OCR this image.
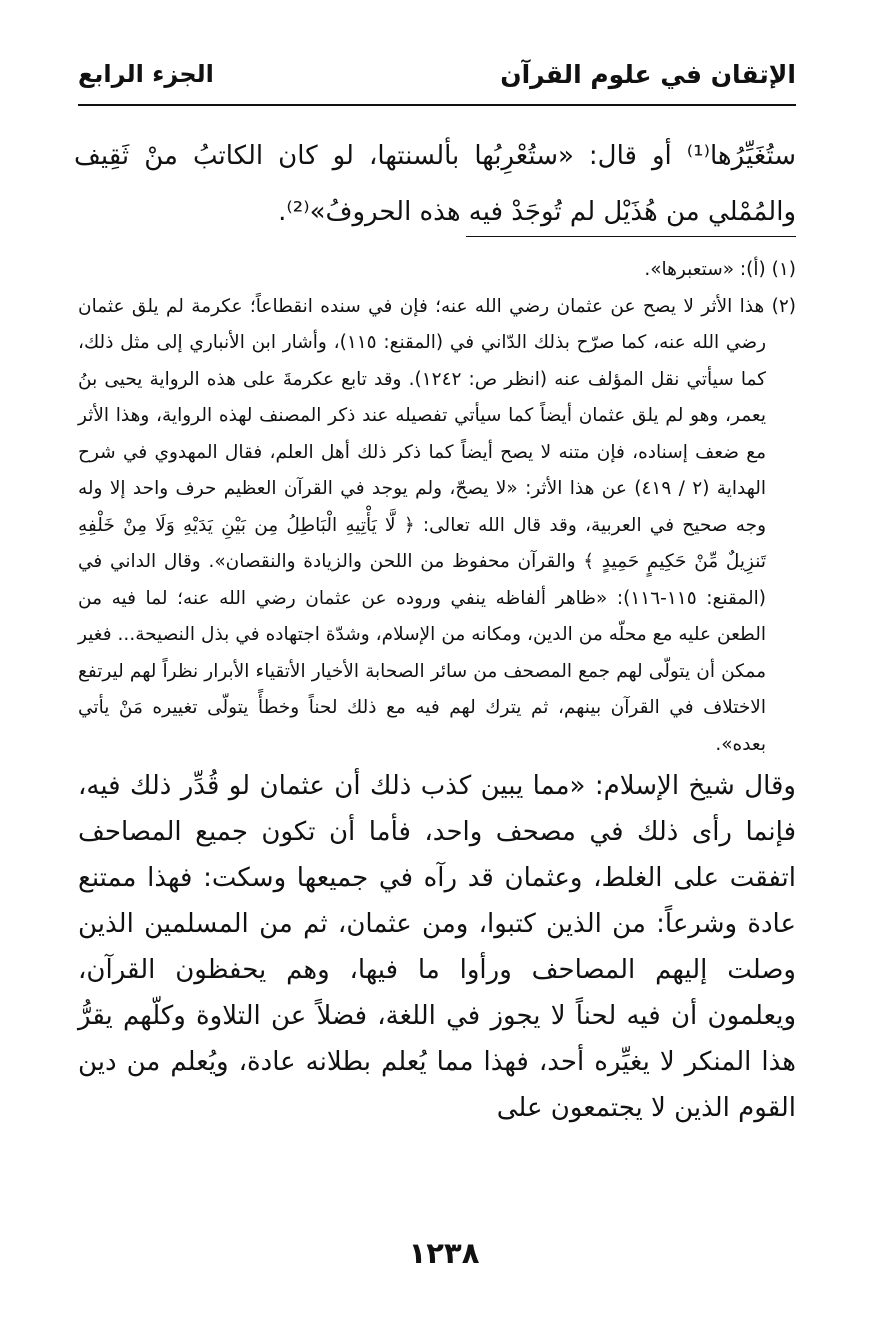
الإتقان في علوم القرآن
الجزء الرابع
ستُغَيِّرُها⁽¹⁾ أو قال: «ستُعْرِبُها بألسنتها، لو كان الكاتبُ منْ ثَقِيف والمُمْلي من هُذَيْل لم تُوجَدْ فيه هذه الحروفُ»⁽²⁾.

(١) (أ): «ستعبرها».

(٢) هذا الأثر لا يصح عن عثمان رضي الله عنه؛ فإن في سنده انقطاعاً؛ عكرمة لم يلق عثمان رضي الله عنه، كما صرّح بذلك الدّاني في (المقنع: ١١٥)، وأشار ابن الأنباري إلى مثل ذلك، كما سيأتي نقل المؤلف عنه (انظر ص: ١٢٤٢). وقد تابع عكرمةَ على هذه الرواية يحيى بنُ يعمر، وهو لم يلق عثمان أيضاً كما سيأتي تفصيله عند ذكر المصنف لهذه الرواية، وهذا الأثر مع ضعف إسناده، فإن متنه لا يصح أيضاً كما ذكر ذلك أهل العلم، فقال المهدوي في شرح الهداية (٢ / ٤١٩) عن هذا الأثر: «لا يصحّ، ولم يوجد في القرآن العظيم حرف واحد إلا وله وجه صحيح في العربية، وقد قال الله تعالى: ﴿ لَّا يَأْتِيهِ الْبَاطِلُ مِن بَيْنِ يَدَيْهِ وَلَا مِنْ خَلْفِهِ تَنزِيلٌ مِّنْ حَكِيمٍ حَمِيدٍ ﴾ والقرآن محفوظ من اللحن والزيادة والنقصان». وقال الداني في (المقنع: ١١٥-١١٦): «ظاهر ألفاظه ينفي وروده عن عثمان رضي الله عنه؛ لما فيه من الطعن عليه مع محلّه من الدين، ومكانه من الإسلام، وشدّة اجتهاده في بذل النصيحة... فغير ممكن أن يتولّى لهم جمع المصحف من سائر الصحابة الأخيار الأتقياء الأبرار نظراً لهم ليرتفع الاختلاف في القرآن بينهم، ثم يترك لهم فيه مع ذلك لحناً وخطأً يتولّى تغييره مَنْ يأتي بعده».

وقال شيخ الإسلام: «مما يبين كذب ذلك أن عثمان لو قُدِّر ذلك فيه، فإنما رأى ذلك في مصحف واحد، فأما أن تكون جميع المصاحف اتفقت على الغلط، وعثمان قد رآه في جميعها وسكت: فهذا ممتنع عادة وشرعاً: من الذين كتبوا، ومن عثمان، ثم من المسلمين الذين وصلت إليهم المصاحف ورأوا ما فيها، وهم يحفظون القرآن، ويعلمون أن فيه لحناً لا يجوز في اللغة، فضلاً عن التلاوة وكلّهم يقرُّ هذا المنكر لا يغيِّره أحد، فهذا مما يُعلم بطلانه عادة، ويُعلم من دين القوم الذين لا يجتمعون على

١٢٣٨
